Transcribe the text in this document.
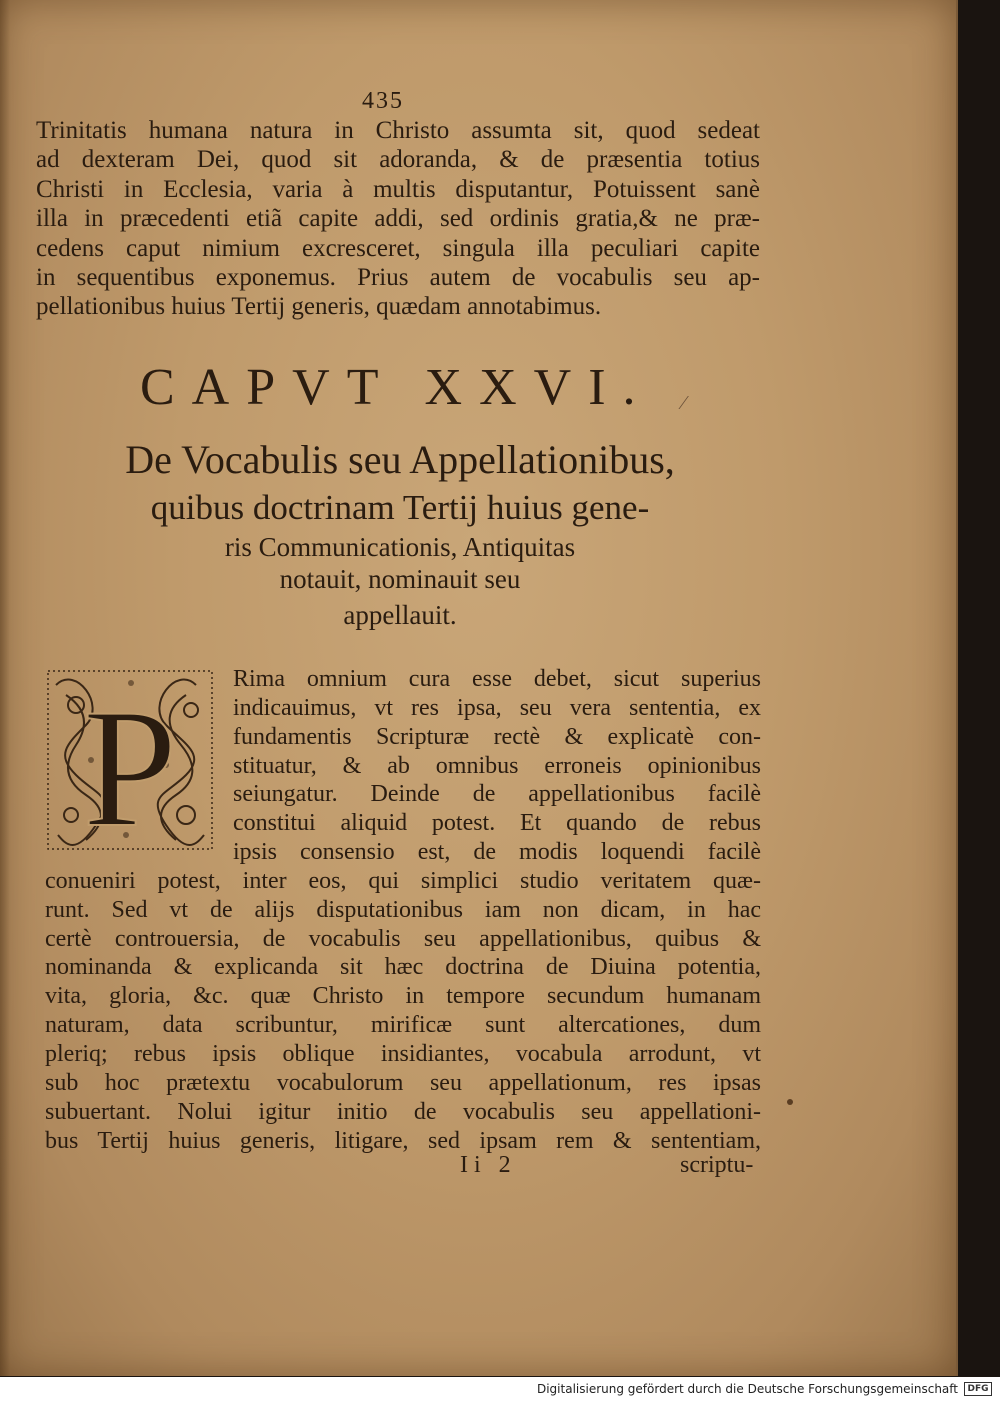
435
Trinitatis humana natura in Christo assumta sit, quod sedeat
ad dexteram Dei, quod sit adoranda, & de præsentia totius
Christi in Ecclesia, varia à multis disputantur, Potuissent sanè
illa in præcedenti etiã capite addi, sed ordinis gratia,& ne præ-
cedens caput nimium excresceret, singula illa peculiari capite
in sequentibus exponemus. Prius autem de vocabulis seu ap-
pellationibus huius Tertij generis, quædam annotabimus.
CAPVT XXVI. ⁄
De Vocabulis seu Appellationibus,
quibus doctrinam Tertij huius gene-
ris Communicationis, Antiquitas
notauit, nominauit seu
appellauit.
P Rima omnium cura esse debet, sicut superius
indicauimus, vt res ipsa, seu vera sententia, ex
fundamentis Scripturæ rectè & explicatè con-
stituatur, & ab omnibus erroneis opinionibus
seiungatur. Deinde de appellationibus facilè
constitui aliquid potest. Et quando de rebus
ipsis consensio est, de modis loquendi facilè
conueniri potest, inter eos, qui simplici studio veritatem quæ-
runt. Sed vt de alijs disputationibus iam non dicam, in hac
certè controuersia, de vocabulis seu appellationibus, quibus &
nominanda & explicanda sit hæc doctrina de Diuina potentia,
vita, gloria, &c. quæ Christo in tempore secundum humanam
naturam, data scribuntur, mirificæ sunt altercationes, dum
pleriq; rebus ipsis oblique insidiantes, vocabula arrodunt, vt
sub hoc prætextu vocabulorum seu appellationum, res ipsas
subuertant. Nolui igitur initio de vocabulis seu appellationi-
bus Tertij huius generis, litigare, sed ipsam rem & sententiam,
Ii 2	scriptu-
Digitalisierung gefördert durch die Deutsche Forschungsgemeinschaft	DFG
